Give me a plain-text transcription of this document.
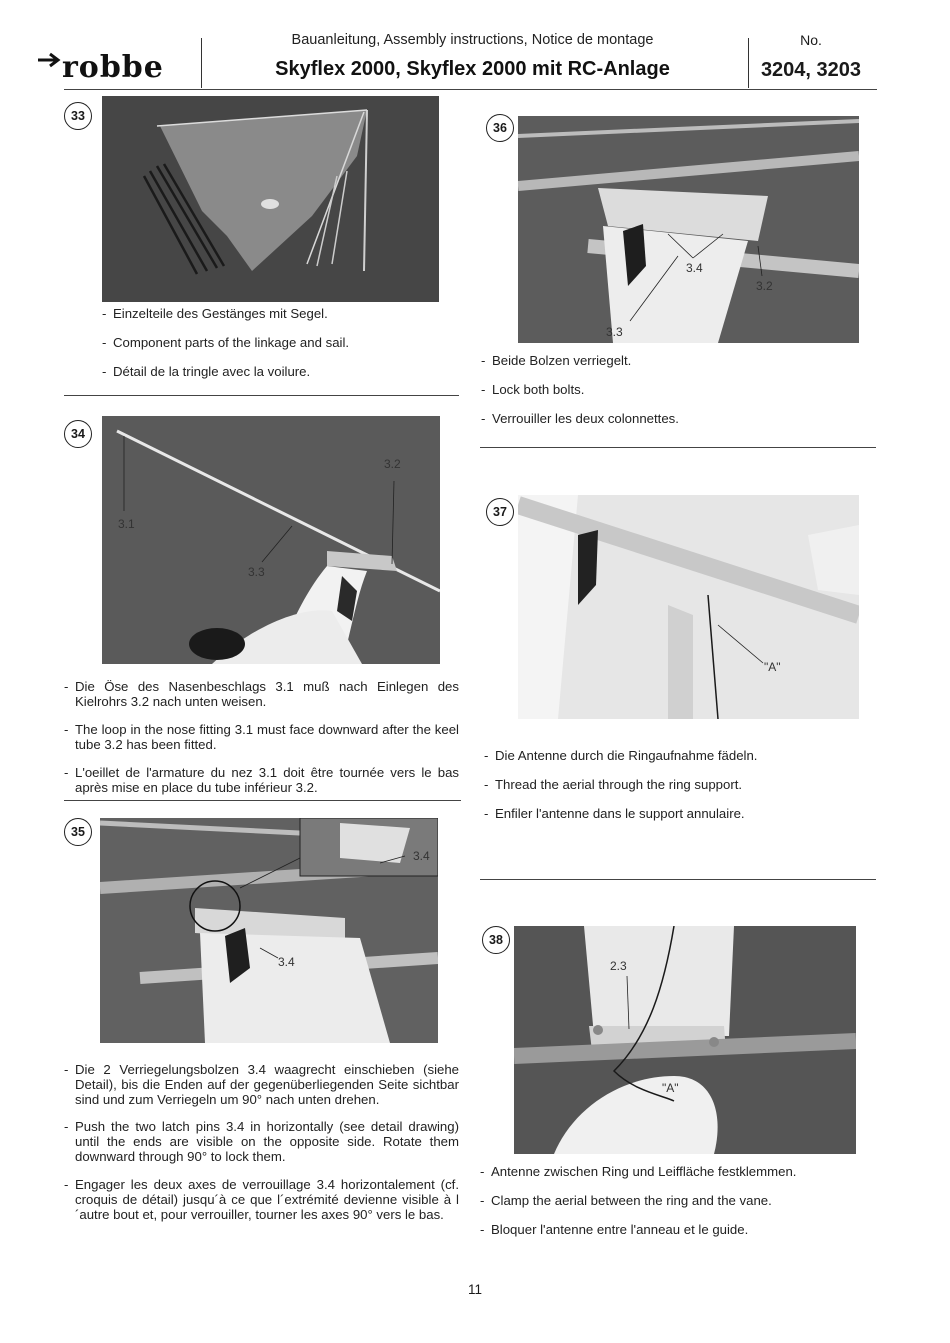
robbe
Bauanleitung, Assembly instructions, Notice de montage
Skyflex 2000, Skyflex 2000 mit RC-Anlage
No.
3204, 3203
33

- Einzelteile des Gestänges mit Segel.

- Component parts of the linkage and sail.

- Détail de la tringle avec la voilure.

34
3.1
3.2
3.3

- Die Öse des Nasenbeschlags 3.1 muß nach Einlegen des Kielrohrs 3.2 nach unten weisen.

- The loop in the nose fitting 3.1 must face downward after the keel tube 3.2 has been fitted.

- L'oeillet de l'armature du nez 3.1 doit être tournée vers le bas après mise en place du tube inférieur 3.2.

35
3.4
3.4

- Die 2 Verriegelungsbolzen 3.4 waagrecht einschieben (siehe Detail), bis die Enden auf der gegenüberliegenden Seite sichtbar sind und zum Verriegeln um 90° nach unten drehen.

- Push the two latch pins 3.4 in horizontally (see detail drawing) until the ends are visible on the opposite side. Rotate them downward through 90° to lock them.

- Engager les deux axes de verrouillage 3.4 horizontalement (cf. croquis de détail) jusqu´à ce que l´extrémité devienne visible à l´autre bout et, pour verrouiller, tourner les axes 90° vers le bas.

36
3.4
3.2
3.3

- Beide Bolzen verriegelt.

- Lock both bolts.

- Verrouiller les deux colonnettes.

37
"A"

- Die Antenne durch die Ringaufnahme fädeln.

- Thread the aerial through the ring support.

- Enfiler l'antenne dans le support annulaire.

38
2.3
"A"

- Antenne zwischen Ring und Leiffläche festklemmen.

- Clamp the aerial between the ring and the vane.

- Bloquer l'antenne entre l'anneau et le guide.

11
